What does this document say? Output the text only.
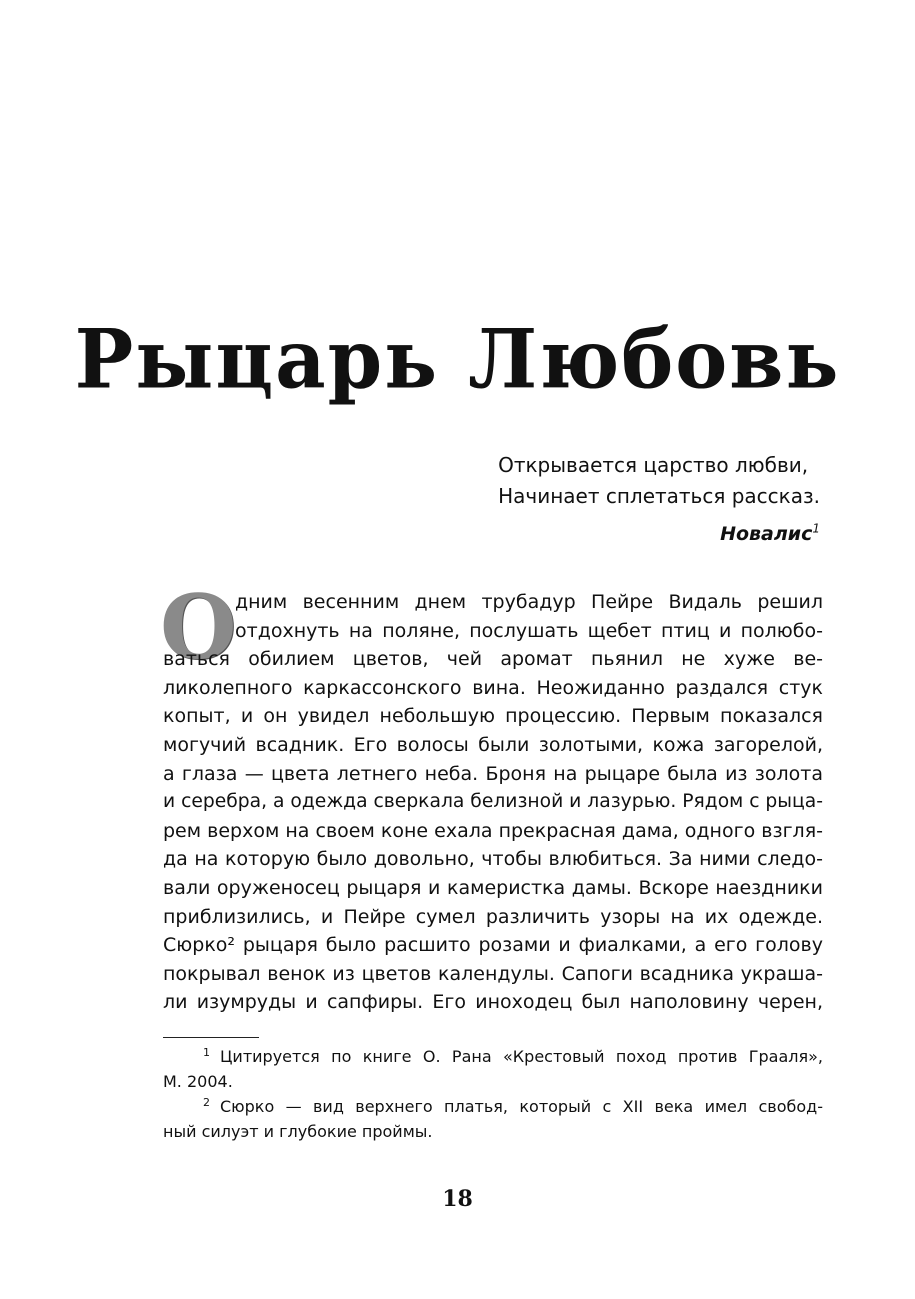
Рыцарь Любовь
Открывается царство любви,
Начинает сплетаться рассказ.
Новалис$^1$
О
дним весенним днем трубадур Пейре Видаль решил
отдохнуть на поляне, послушать щебет птиц и полюбо-
ваться обилием цветов, чей аромат пьянил не хуже ве-
ликолепного каркассонского вина. Неожиданно раздался стук
копыт, и он увидел небольшую процессию. Первым показался
могучий всадник. Его волосы были золотыми, кожа загорелой,
а глаза — цвета летнего неба. Броня на рыцаре была из золота
и серебра, а одежда сверкала белизной и лазурью. Рядом с рыца-
рем верхом на своем коне ехала прекрасная дама, одного взгля-
да на которую было довольно, чтобы влюбиться. За ними следо-
вали оруженосец рыцаря и камеристка дамы. Вскоре наездники
приблизились, и Пейре сумел различить узоры на их одежде.
Сюрко² рыцаря было расшито розами и фиалками, а его голову
покрывал венок из цветов календулы. Сапоги всадника украша-
ли изумруды и сапфиры. Его иноходец был наполовину черен,
$^1$ Цитируется по книге О. Рана «Крестовый поход против Грааля»,
М. 2004.
$^2$ Сюрко — вид верхнего платья, который с XII века имел свобод-
ный силуэт и глубокие проймы.
18
